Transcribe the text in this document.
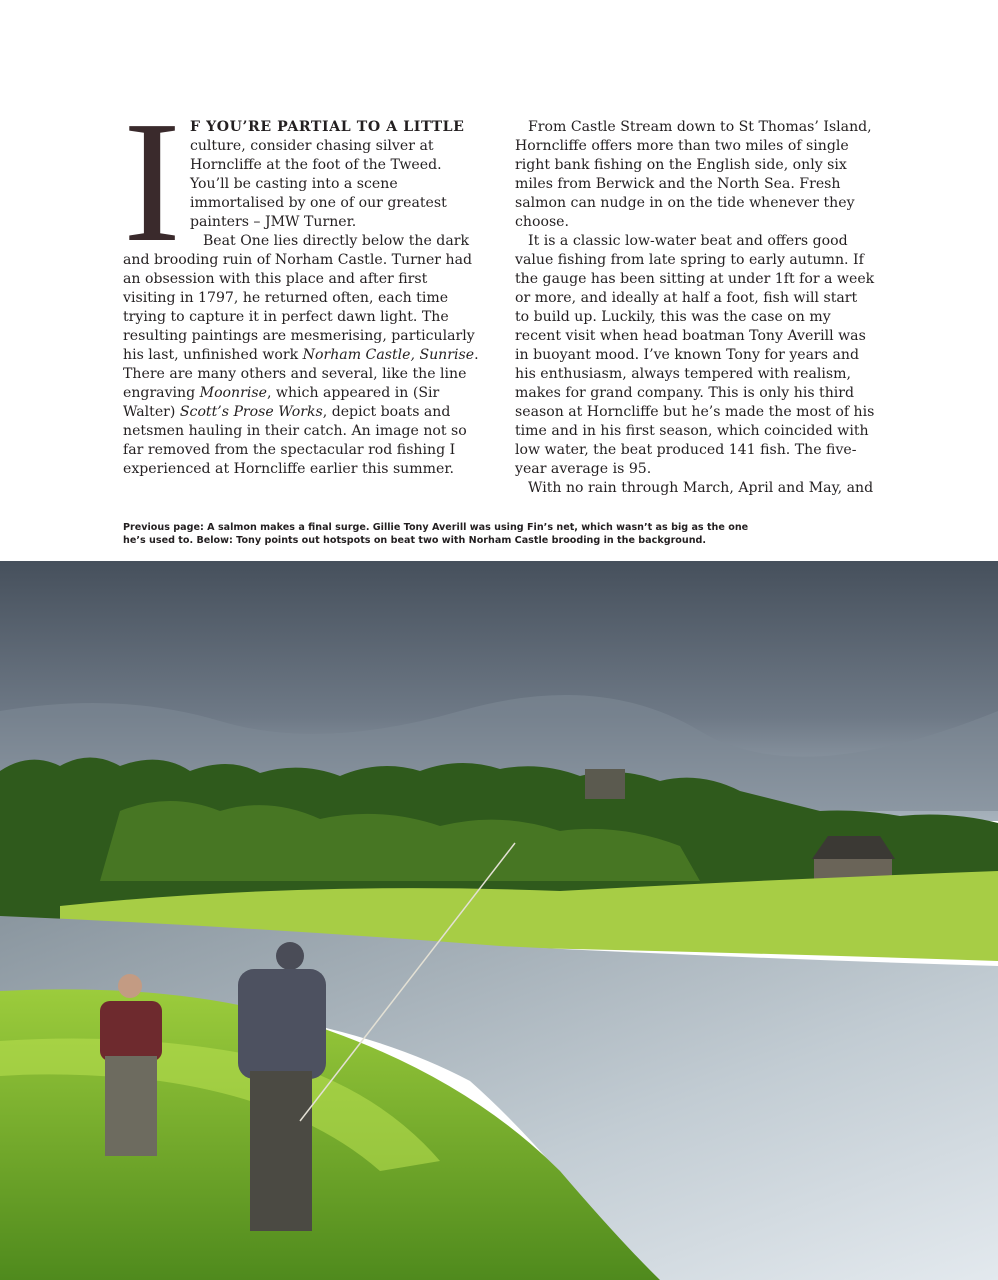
I F YOU’RE PARTIAL TO A LITTLE culture, consider chasing silver at Horncliffe at the foot of the Tweed. You’ll be casting into a scene immortalised by one of our greatest painters – JMW Turner.

Beat One lies directly below the dark and brooding ruin of Norham Castle. Turner had an obsession with this place and after first visiting in 1797, he returned often, each time trying to capture it in perfect dawn light. The resulting paintings are mesmerising, particularly his last, unfinished work Norham Castle, Sunrise. There are many others and several, like the line engraving Moonrise, which appeared in (Sir Walter) Scott’s Prose Works, depict boats and netsmen hauling in their catch. An image not so far removed from the spectacular rod fishing I experienced at Horncliffe earlier this summer.

From Castle Stream down to St Thomas’ Island, Horncliffe offers more than two miles of single right bank fishing on the English side, only six miles from Berwick and the North Sea. Fresh salmon can nudge in on the tide whenever they choose.

It is a classic low-water beat and offers good value fishing from late spring to early autumn. If the gauge has been sitting at under 1ft for a week or more, and ideally at half a foot, fish will start to build up. Luckily, this was the case on my recent visit when head boatman Tony Averill was in buoyant mood. I’ve known Tony for years and his enthusiasm, always tempered with realism, makes for grand company. This is only his third season at Horncliffe but he’s made the most of his time and in his first season, which coincided with low water, the beat produced 141 fish. The five-year average is 95.

With no rain through March, April and May, and

Previous page: A salmon makes a final surge. Gillie Tony Averill was using Fin’s net, which wasn’t as big as the one
he’s used to. Below: Tony points out hotspots on beat two with Norham Castle brooding in the background.
